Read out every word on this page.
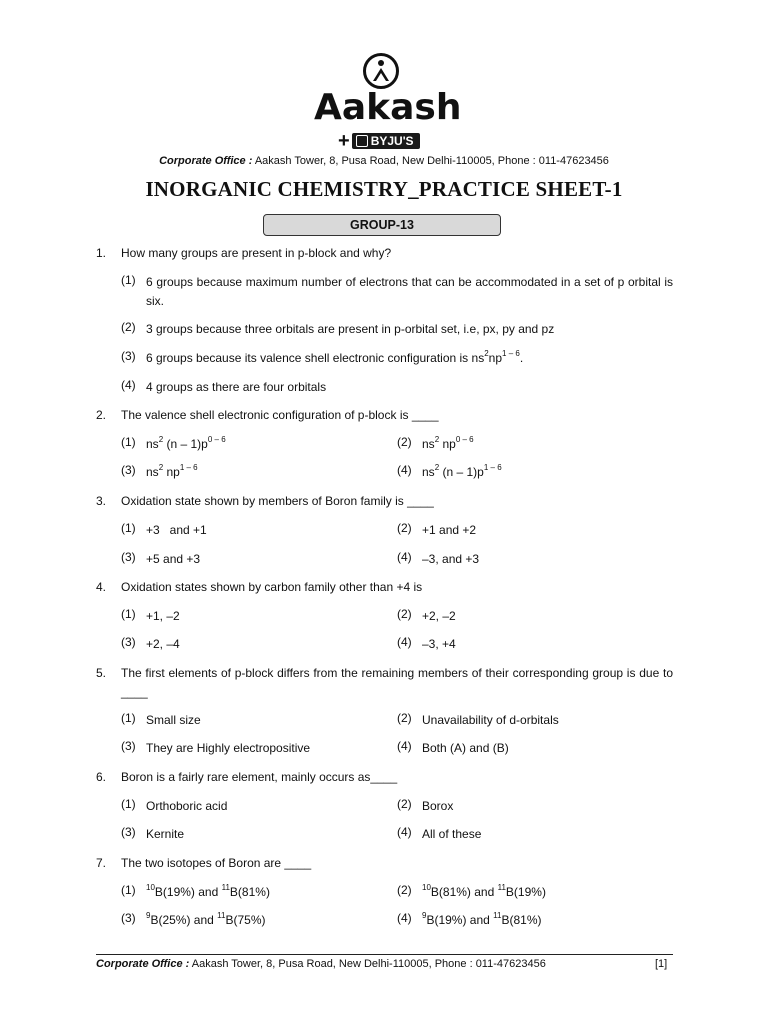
Aakash
+ BYJU'S
Corporate Office : Aakash Tower, 8, Pusa Road, New Delhi-110005, Phone : 011-47623456
INORGANIC CHEMISTRY_PRACTICE SHEET-1
GROUP-13
1.	How many groups are present in p-block and why?
(1) 6 groups because maximum number of electrons that can be accommodated in a set of p orbital is six.
(2) 3 groups because three orbitals are present in p-orbital set, i.e, px, py and pz
(3) 6 groups because its valence shell electronic configuration is $ns^2np^{1 - 6}$.
(4) 4 groups as there are four orbitals
2.	The valence shell electronic configuration of p-block is ____
(1) $ns^2$ $(n - 1)p^{0 - 6}$	(2) $ns^2$ $np^{0 - 6}$
(3) $ns^2$ $np^{1 - 6}$	(4) $ns^2$ $(n - 1)p^{1 - 6}$
3.	Oxidation state shown by members of Boron family is ____
(1) +3   and +1	(2) +1 and +2
(3) +5 and +3	(4) –3, and +3
4.	Oxidation states shown by carbon family other than +4 is
(1) +1, –2	(2) +2, –2
(3) +2, –4	(4) –3, +4
5.	The first elements of p-block differs from the remaining members of their corresponding group is due to ____
(1) Small size	(2) Unavailability of d-orbitals
(3) They are Highly electropositive	(4) Both (A) and (B)
6.	Boron is a fairly rare element, mainly occurs as____
(1) Orthoboric acid	(2) Borox
(3) Kernite	(4) All of these
7.	The two isotopes of Boron are ____
(1) $^{10}$B(19%) and $^{11}$B(81%)	(2) $^{10}$B(81%) and $^{11}$B(19%)
(3) $^9$B(25%) and $^{11}$B(75%)	(4) $^9$B(19%) and $^{11}$B(81%)
Corporate Office : Aakash Tower, 8, Pusa Road, New Delhi-110005, Phone : 011-47623456	[1]
